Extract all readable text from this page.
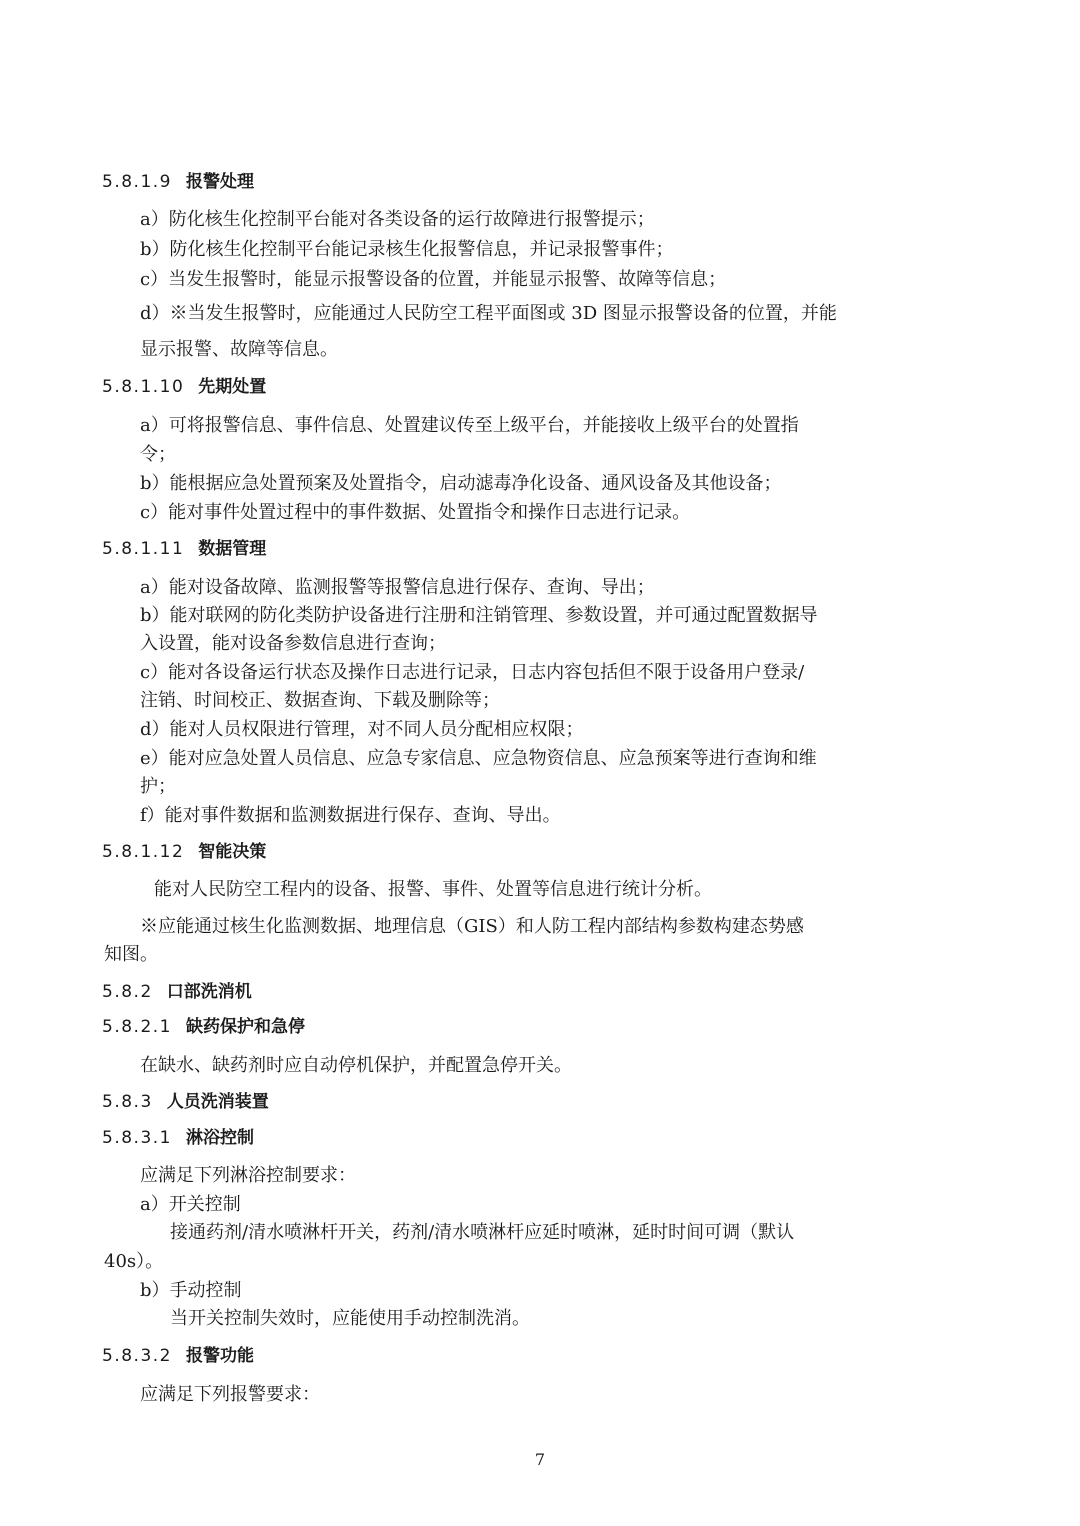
5.8.1.9 报警处理
a）防化核生化控制平台能对各类设备的运行故障进行报警提示；
b）防化核生化控制平台能记录核生化报警信息，并记录报警事件；
c）当发生报警时，能显示报警设备的位置，并能显示报警、故障等信息；
d）※当发生报警时，应能通过人民防空工程平面图或 3D 图显示报警设备的位置，并能
显示报警、故障等信息。
5.8.1.10 先期处置
a）可将报警信息、事件信息、处置建议传至上级平台，并能接收上级平台的处置指
令；
b）能根据应急处置预案及处置指令，启动滤毒净化设备、通风设备及其他设备；
c）能对事件处置过程中的事件数据、处置指令和操作日志进行记录。
5.8.1.11 数据管理
a）能对设备故障、监测报警等报警信息进行保存、查询、导出；
b）能对联网的防化类防护设备进行注册和注销管理、参数设置，并可通过配置数据导
入设置，能对设备参数信息进行查询；
c）能对各设备运行状态及操作日志进行记录，日志内容包括但不限于设备用户登录/
注销、时间校正、数据查询、下载及删除等；
d）能对人员权限进行管理，对不同人员分配相应权限；
e）能对应急处置人员信息、应急专家信息、应急物资信息、应急预案等进行查询和维
护；
f）能对事件数据和监测数据进行保存、查询、导出。
5.8.1.12 智能决策
能对人民防空工程内的设备、报警、事件、处置等信息进行统计分析。
※应能通过核生化监测数据、地理信息（GIS）和人防工程内部结构参数构建态势感
知图。
5.8.2 口部洗消机
5.8.2.1 缺药保护和急停
在缺水、缺药剂时应自动停机保护，并配置急停开关。
5.8.3 人员洗消装置
5.8.3.1 淋浴控制
应满足下列淋浴控制要求：
a）开关控制
接通药剂/清水喷淋杆开关，药剂/清水喷淋杆应延时喷淋，延时时间可调（默认
40s）。
b）手动控制
当开关控制失效时，应能使用手动控制洗消。
5.8.3.2 报警功能
应满足下列报警要求：
7
